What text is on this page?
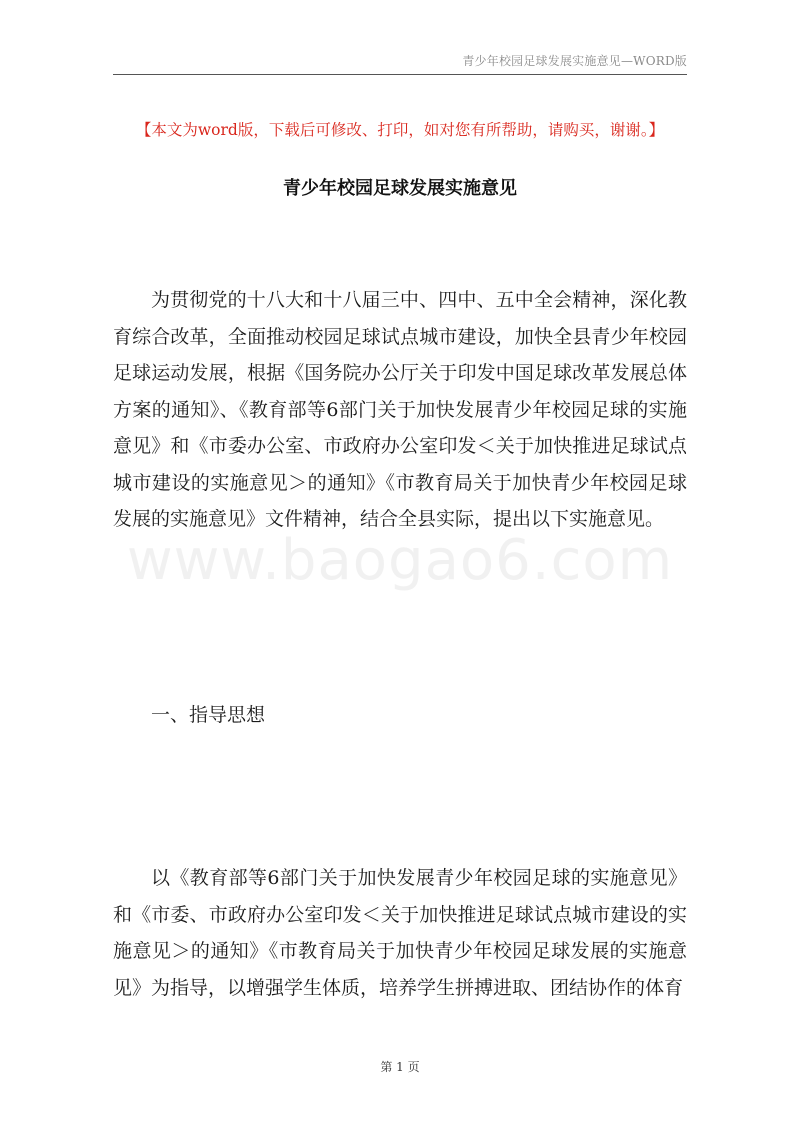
青少年校园足球发展实施意见—WORD版
【本文为word版，下载后可修改、打印，如对您有所帮助，请购买，谢谢。】
青少年校园足球发展实施意见

为贯彻党的十八大和十八届三中、四中、五中全会精神，深化教育综合改革，全面推动校园足球试点城市建设，加快全县青少年校园足球运动发展，根据《国务院办公厅关于印发中国足球改革发展总体方案的通知》、《教育部等6部门关于加快发展青少年校园足球的实施意见》和《市委办公室、市政府办公室印发＜关于加快推进足球试点城市建设的实施意见＞的通知》《市教育局关于加快青少年校园足球发展的实施意见》文件精神，结合全县实际，提出以下实施意见。

www.baogao6.com

一、指导思想

以《教育部等6部门关于加快发展青少年校园足球的实施意见》和《市委、市政府办公室印发＜关于加快推进足球试点城市建设的实施意见＞的通知》《市教育局关于加快青少年校园足球发展的实施意见》为指导，以增强学生体质，培养学生拼搏进取、团结协作的体育

第 1 页
